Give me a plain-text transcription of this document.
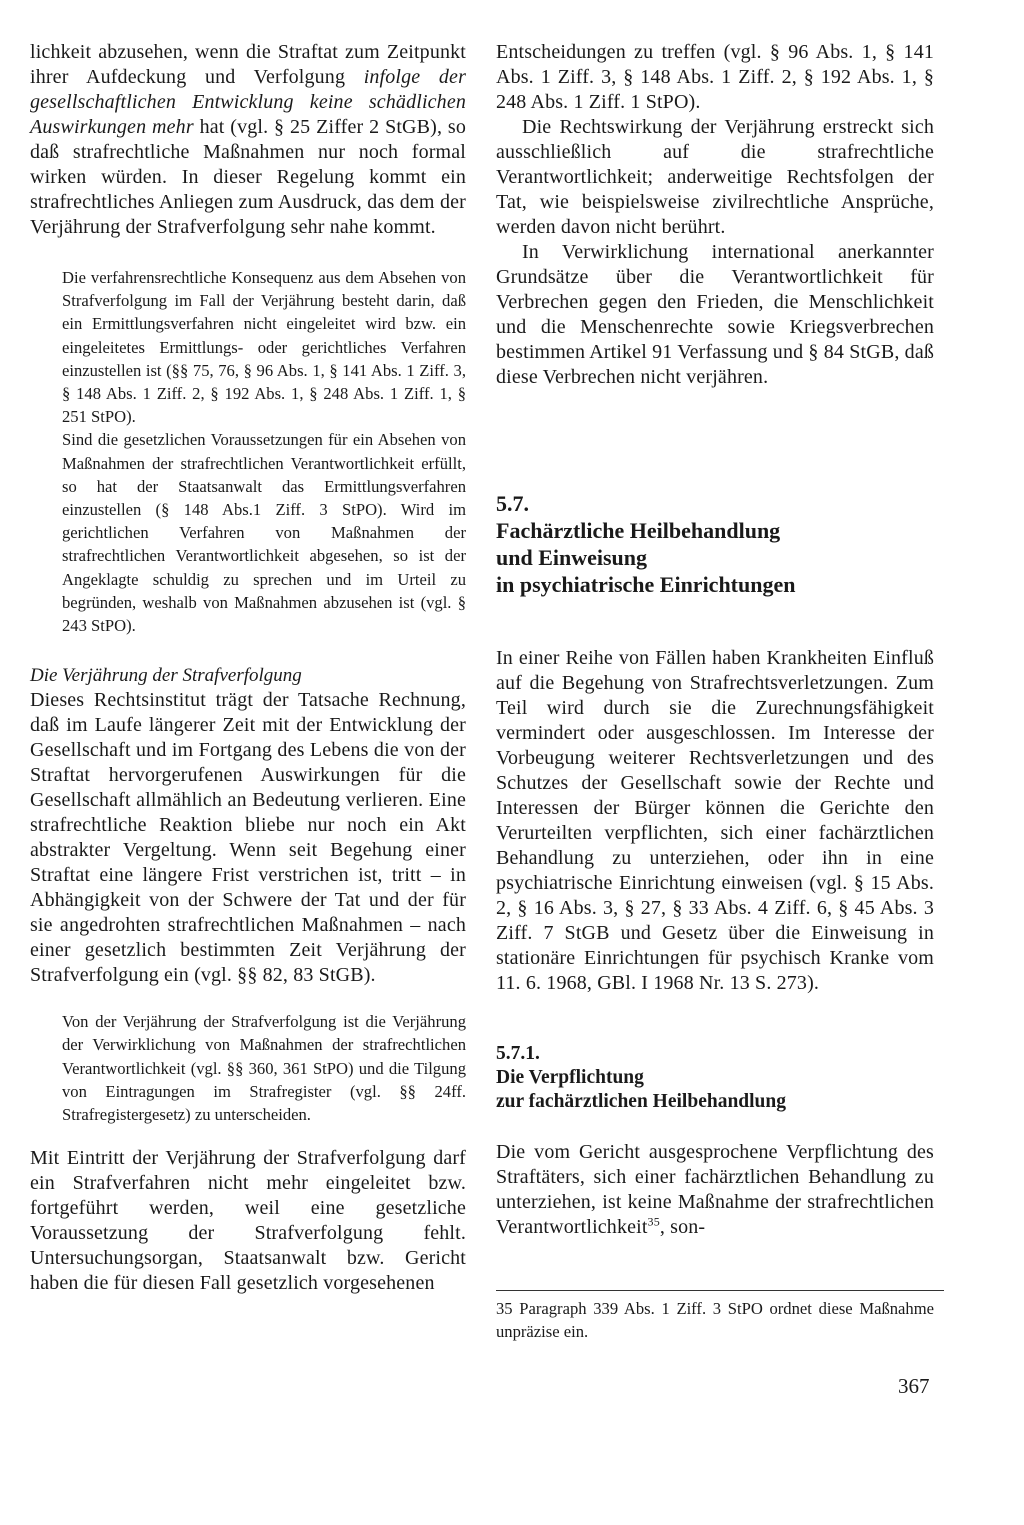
lichkeit abzusehen, wenn die Straftat zum Zeitpunkt ihrer Aufdeckung und Verfolgung infolge der gesellschaftlichen Entwicklung keine schädlichen Auswirkungen mehr hat (vgl. § 25 Ziffer 2 StGB), so daß strafrechtliche Maßnahmen nur noch formal wirken würden. In dieser Regelung kommt ein strafrechtliches Anliegen zum Ausdruck, das dem der Verjährung der Strafverfolgung sehr nahe kommt.

Die verfahrensrechtliche Konsequenz aus dem Absehen von Strafverfolgung im Fall der Verjährung besteht darin, daß ein Ermittlungsverfahren nicht eingeleitet wird bzw. ein eingeleitetes Ermittlungs- oder gerichtliches Verfahren einzustellen ist (§§ 75, 76, § 96 Abs. 1, § 141 Abs. 1 Ziff. 3, § 148 Abs. 1 Ziff. 2, § 192 Abs. 1, § 248 Abs. 1 Ziff. 1, § 251 StPO).

Sind die gesetzlichen Voraussetzungen für ein Absehen von Maßnahmen der strafrechtlichen Verantwortlichkeit erfüllt, so hat der Staatsanwalt das Ermittlungsverfahren einzustellen (§ 148 Abs.1 Ziff. 3 StPO). Wird im gerichtlichen Verfahren von Maßnahmen der strafrechtlichen Verantwortlichkeit abgesehen, so ist der Angeklagte schuldig zu sprechen und im Urteil zu begründen, weshalb von Maßnahmen abzusehen ist (vgl. § 243 StPO).

Die Verjährung der Strafverfolgung

Dieses Rechtsinstitut trägt der Tatsache Rechnung, daß im Laufe längerer Zeit mit der Entwicklung der Gesellschaft und im Fortgang des Lebens die von der Straftat hervorgerufenen Auswirkungen für die Gesellschaft allmählich an Bedeutung verlieren. Eine strafrechtliche Reaktion bliebe nur noch ein Akt abstrakter Vergeltung. Wenn seit Begehung einer Straftat eine längere Frist verstrichen ist, tritt – in Abhängigkeit von der Schwere der Tat und der für sie angedrohten strafrechtlichen Maßnahmen – nach einer gesetzlich bestimmten Zeit Verjährung der Strafverfolgung ein (vgl. §§ 82, 83 StGB).

Von der Verjährung der Strafverfolgung ist die Verjährung der Verwirklichung von Maßnahmen der strafrechtlichen Verantwortlichkeit (vgl. §§ 360, 361 StPO) und die Tilgung von Eintragungen im Strafregister (vgl. §§ 24ff. Strafregistergesetz) zu unterscheiden.

Mit Eintritt der Verjährung der Strafverfolgung darf ein Strafverfahren nicht mehr eingeleitet bzw. fortgeführt werden, weil eine gesetzliche Voraussetzung der Strafverfolgung fehlt. Untersuchungsorgan, Staatsanwalt bzw. Gericht haben die für diesen Fall gesetzlich vorgesehenen

Entscheidungen zu treffen (vgl. § 96 Abs. 1, § 141 Abs. 1 Ziff. 3, § 148 Abs. 1 Ziff. 2, § 192 Abs. 1, § 248 Abs. 1 Ziff. 1 StPO).

Die Rechtswirkung der Verjährung erstreckt sich ausschließlich auf die strafrechtliche Verantwortlichkeit; anderweitige Rechtsfolgen der Tat, wie beispielsweise zivilrechtliche Ansprüche, werden davon nicht berührt.

In Verwirklichung international anerkannter Grundsätze über die Verantwortlichkeit für Verbrechen gegen den Frieden, die Menschlichkeit und die Menschenrechte sowie Kriegsverbrechen bestimmen Artikel 91 Verfassung und § 84 StGB, daß diese Verbrechen nicht verjähren.

5.7.

Fachärztliche Heilbehandlung
und Einweisung
in psychiatrische Einrichtungen

In einer Reihe von Fällen haben Krankheiten Einfluß auf die Begehung von Strafrechtsverletzungen. Zum Teil wird durch sie die Zurechnungsfähigkeit vermindert oder ausgeschlossen. Im Interesse der Vorbeugung weiterer Rechtsverletzungen und des Schutzes der Gesellschaft sowie der Rechte und Interessen der Bürger können die Gerichte den Verurteilten verpflichten, sich einer fachärztlichen Behandlung zu unterziehen, oder ihn in eine psychiatrische Einrichtung einweisen (vgl. § 15 Abs. 2, § 16 Abs. 3, § 27, § 33 Abs. 4 Ziff. 6, § 45 Abs. 3 Ziff. 7 StGB und Gesetz über die Einweisung in stationäre Einrichtungen für psychisch Kranke vom 11. 6. 1968, GBl. I 1968 Nr. 13 S. 273).

5.7.1.

Die Verpflichtung
zur fachärztlichen Heilbehandlung

Die vom Gericht ausgesprochene Verpflichtung des Straftäters, sich einer fachärztlichen Behandlung zu unterziehen, ist keine Maßnahme der strafrechtlichen Verantwortlichkeit$^{35}$, son-

35 Paragraph 339 Abs. 1 Ziff. 3 StPO ordnet diese Maßnahme unpräzise ein.

367
